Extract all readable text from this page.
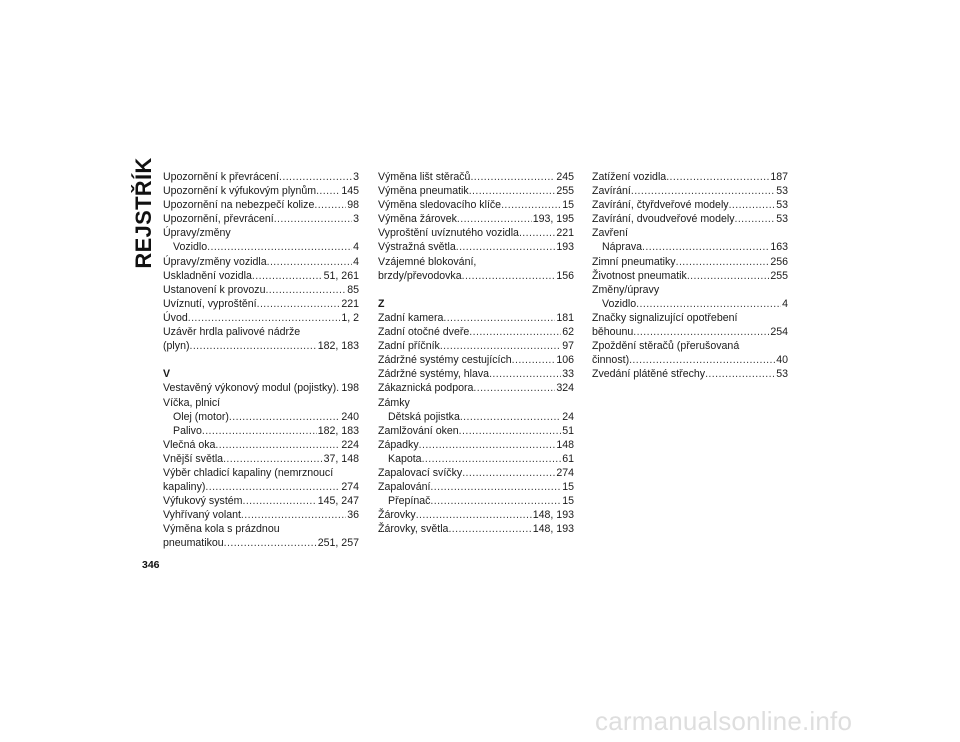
REJSTŘÍK Upozornění k převrácení .....	3
Upozornění k výfukovým plynům ..... 145
Upozornění na nebezpečí kolize .....	98
Upozornění, převrácení .....	3
Úpravy/změny
Vozidlo .....	4
Úpravy/změny vozidla .....	4
Uskladnění vozidla .....	51, 261
Ustanovení k provozu .....	85
Uvíznutí, vyproštění .....	221
Úvod .....	1, 2
Uzávěr hrdla palivové nádrže
(plyn) .....	182, 183
V
Vestavěný výkonový modul (pojistky) ..... 198
Víčka, plnicí
Olej (motor) .....	240
Palivo .....	182, 183
Vlečná oka .....	224
Vnější světla .....	37, 148
Výběr chladicí kapaliny (nemrznoucí
kapaliny) .....	274
Výfukový systém .....	145, 247
Vyhřívaný volant .....	36
Výměna kola s prázdnou
pneumatikou .....	251, 257
Výměna lišt stěračů .....	245
Výměna pneumatik .....	255
Výměna sledovacího klíče .....	15
Výměna žárovek .....	193, 195
Vyproštění uvíznutého vozidla .....	221
Výstražná světla .....	193
Vzájemné blokování,
brzdy/převodovka .....	156
Z
Zadní kamera .....	181
Zadní otočné dveře .....	62
Zadní příčník .....	97
Zádržné systémy cestujících .....	106
Zádržné systémy, hlava .....	33
Zákaznická podpora .....	324
Zámky
Dětská pojistka .....	24
Zamlžování oken .....	51
Západky .....	148
Kapota .....	61
Zapalovací svíčky .....	274
Zapalování .....	15
Přepínač .....	15
Žárovky .....	148, 193
Žárovky, světla .....	148, 193
Zatížení vozidla .....	187
Zavírání .....	53
Zavírání, čtyřdveřové modely .....	53
Zavírání, dvoudveřové modely .....	53
Zavření
Náprava .....	163
Zimní pneumatiky .....	256
Životnost pneumatik .....	255
Změny/úpravy
Vozidlo .....	4
Značky signalizující opotřebení
běhounu .....	254
Zpoždění stěračů (přerušovaná
činnost) .....	40
Zvedání plátěné střechy .....	53
346
carmanualsonline.info
